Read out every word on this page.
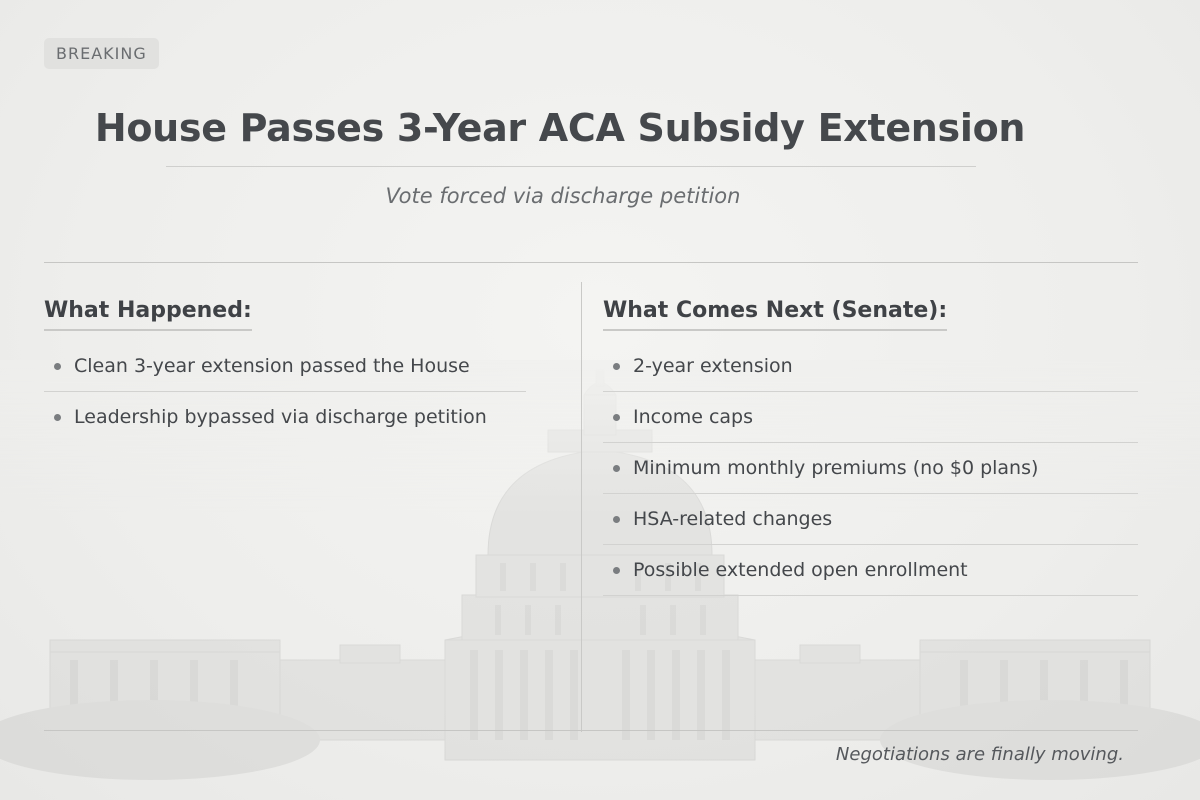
BREAKING
House Passes 3-Year ACA Subsidy Extension
Vote forced via discharge petition
What Happened:
Clean 3-year extension passed the House
Leadership bypassed via discharge petition
What Comes Next (Senate):
2-year extension
Income caps
Minimum monthly premiums (no $0 plans)
HSA-related changes
Possible extended open enrollment
Negotiations are finally moving.
